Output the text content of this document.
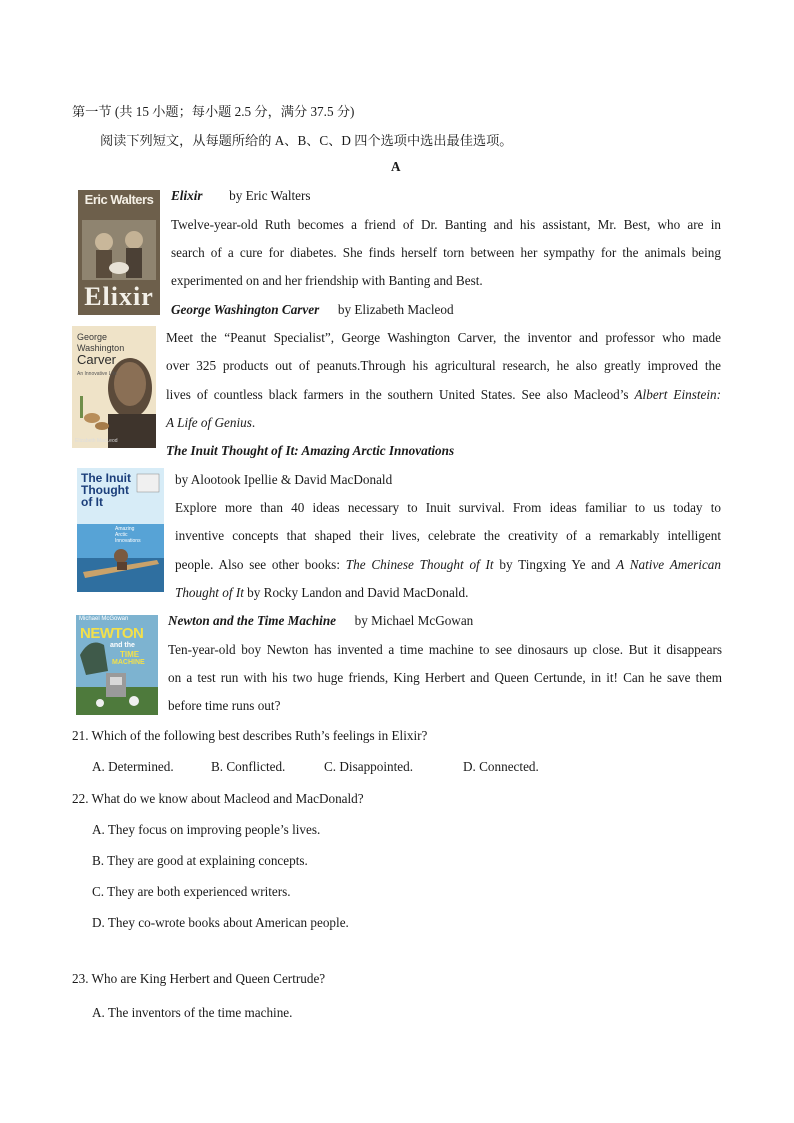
第一节 (共 15 小题；每小题 2.5 分，满分 37.5 分)
阅读下列短文，从每题所给的 A、B、C、D 四个选项中选出最佳选项。
A
Eric Walters
Elixir
Elixir by Eric Walters
Twelve-year-old Ruth becomes a friend of Dr. Banting and his assistant, Mr. Best, who are in
search of a cure for diabetes. She finds herself torn between her sympathy for the animals being
experimented on and her friendship with Banting and Best.
George Washington Carver by Elizabeth Macleod
George
Washington
Carver
An Innovative Life
Elizabeth MacLeod
Meet the “Peanut Specialist”, George Washington Carver, the inventor and professor who made
over 325 products out of peanuts.Through his agricultural research, he also greatly improved the
lives of countless black farmers in the southern United States. See also Macleod’s Albert Einstein:
A Life of Genius.
The Inuit Thought of It: Amazing Arctic Innovations
The Inuit
Thought
of It
Amazing
Arctic
Innovations
by Alootook Ipellie & David MacDonald
Explore more than 40 ideas necessary to Inuit survival. From ideas familiar to us today to
inventive concepts that shaped their lives, celebrate the creativity of a remarkably intelligent
people. Also see other books: The Chinese Thought of It by Tingxing Ye and A Native American
Thought of It by Rocky Landon and David MacDonald.
Michael McGowan
NEWTON
and the
TIME
MACHINE
Newton and the Time Machine by Michael McGowan
Ten-year-old boy Newton has invented a time machine to see dinosaurs up close. But it disappears
on a test run with his two huge friends, King Herbert and Queen Certunde, in it! Can he save them
before time runs out?
21. Which of the following best describes Ruth’s feelings in Elixir?
A. Determined.	B. Conflicted.	C. Disappointed.	D. Connected.
22. What do we know about Macleod and MacDonald?
A. They focus on improving people’s lives.
B. They are good at explaining concepts.
C. They are both experienced writers.
D. They co-wrote books about American people.
23. Who are King Herbert and Queen Certrude?
A. The inventors of the time machine.
